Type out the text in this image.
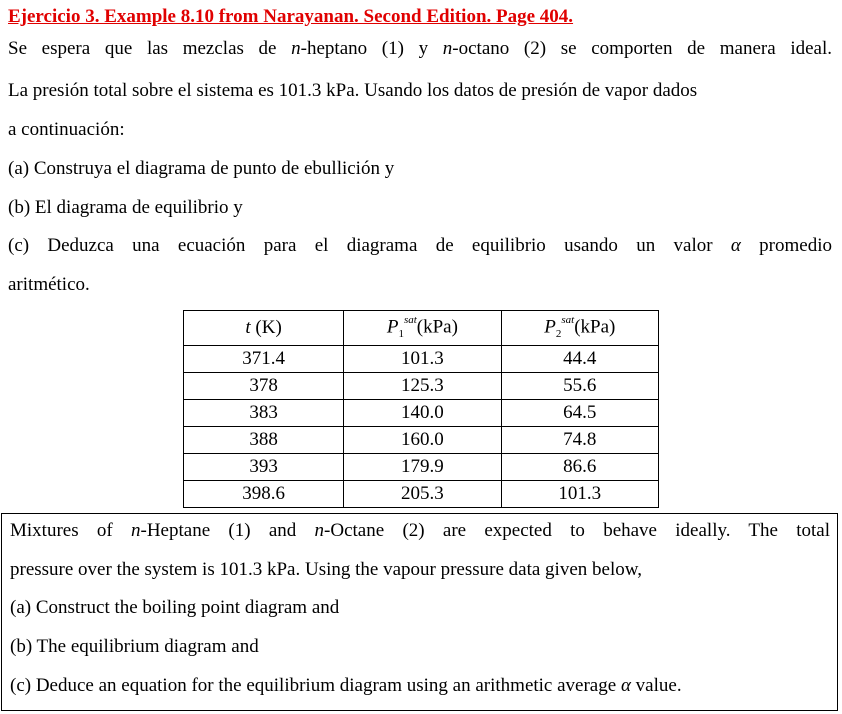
Ejercicio 3. Example 8.10 from Narayanan. Second Edition. Page 404.
Se espera que las mezclas de n-heptano (1) y n-octano (2) se comporten de manera ideal.
La presión total sobre el sistema es 101.3 kPa. Usando los datos de presión de vapor dados
a continuación:
(a) Construya el diagrama de punto de ebullición y
(b) El diagrama de equilibrio y
(c) Deduzca una ecuación para el diagrama de equilibrio usando un valor α promedio
aritmético.
t (K)	$P_1^{sat}(kPa)$	$P_2^{sat}(kPa)$
371.4	101.3	44.4
378	125.3	55.6
383	140.0	64.5
388	160.0	74.8
393	179.9	86.6
398.6	205.3	101.3
Mixtures of n-Heptane (1) and n-Octane (2) are expected to behave ideally. The total
pressure over the system is 101.3 kPa. Using the vapour pressure data given below,
(a) Construct the boiling point diagram and
(b) The equilibrium diagram and
(c) Deduce an equation for the equilibrium diagram using an arithmetic average α value.
